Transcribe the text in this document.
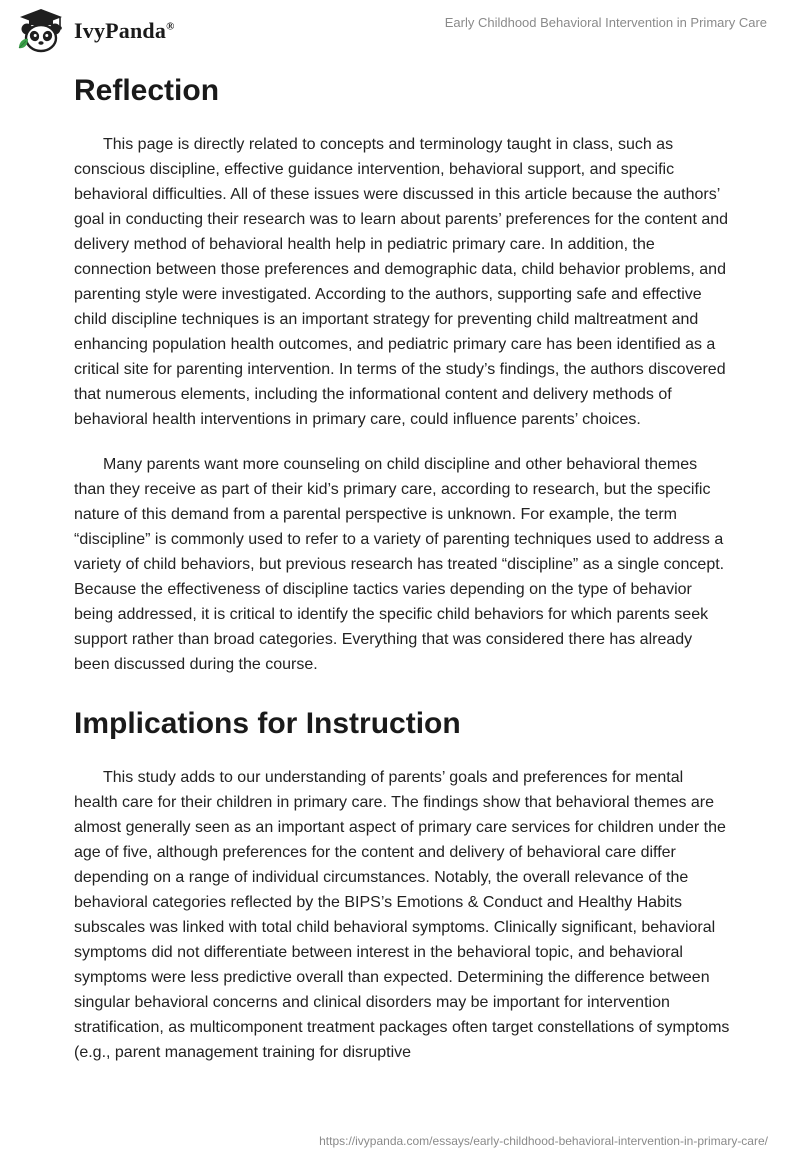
IvyPanda®	Early Childhood Behavioral Intervention in Primary Care
Reflection

This page is directly related to concepts and terminology taught in class, such as conscious discipline, effective guidance intervention, behavioral support, and specific behavioral difficulties. All of these issues were discussed in this article because the authors’ goal in conducting their research was to learn about parents’ preferences for the content and delivery method of behavioral health help in pediatric primary care. In addition, the connection between those preferences and demographic data, child behavior problems, and parenting style were investigated. According to the authors, supporting safe and effective child discipline techniques is an important strategy for preventing child maltreatment and enhancing population health outcomes, and pediatric primary care has been identified as a critical site for parenting intervention. In terms of the study’s findings, the authors discovered that numerous elements, including the informational content and delivery methods of behavioral health interventions in primary care, could influence parents’ choices.

Many parents want more counseling on child discipline and other behavioral themes than they receive as part of their kid’s primary care, according to research, but the specific nature of this demand from a parental perspective is unknown. For example, the term “discipline” is commonly used to refer to a variety of parenting techniques used to address a variety of child behaviors, but previous research has treated “discipline” as a single concept. Because the effectiveness of discipline tactics varies depending on the type of behavior being addressed, it is critical to identify the specific child behaviors for which parents seek support rather than broad categories. Everything that was considered there has already been discussed during the course.

Implications for Instruction

This study adds to our understanding of parents’ goals and preferences for mental health care for their children in primary care. The findings show that behavioral themes are almost generally seen as an important aspect of primary care services for children under the age of five, although preferences for the content and delivery of behavioral care differ depending on a range of individual circumstances. Notably, the overall relevance of the behavioral categories reflected by the BIPS’s Emotions & Conduct and Healthy Habits subscales was linked with total child behavioral symptoms. Clinically significant, behavioral symptoms did not differentiate between interest in the behavioral topic, and behavioral symptoms were less predictive overall than expected. Determining the difference between singular behavioral concerns and clinical disorders may be important for intervention stratification, as multicomponent treatment packages often target constellations of symptoms (e.g., parent management training for disruptive

https://ivypanda.com/essays/early-childhood-behavioral-intervention-in-primary-care/
